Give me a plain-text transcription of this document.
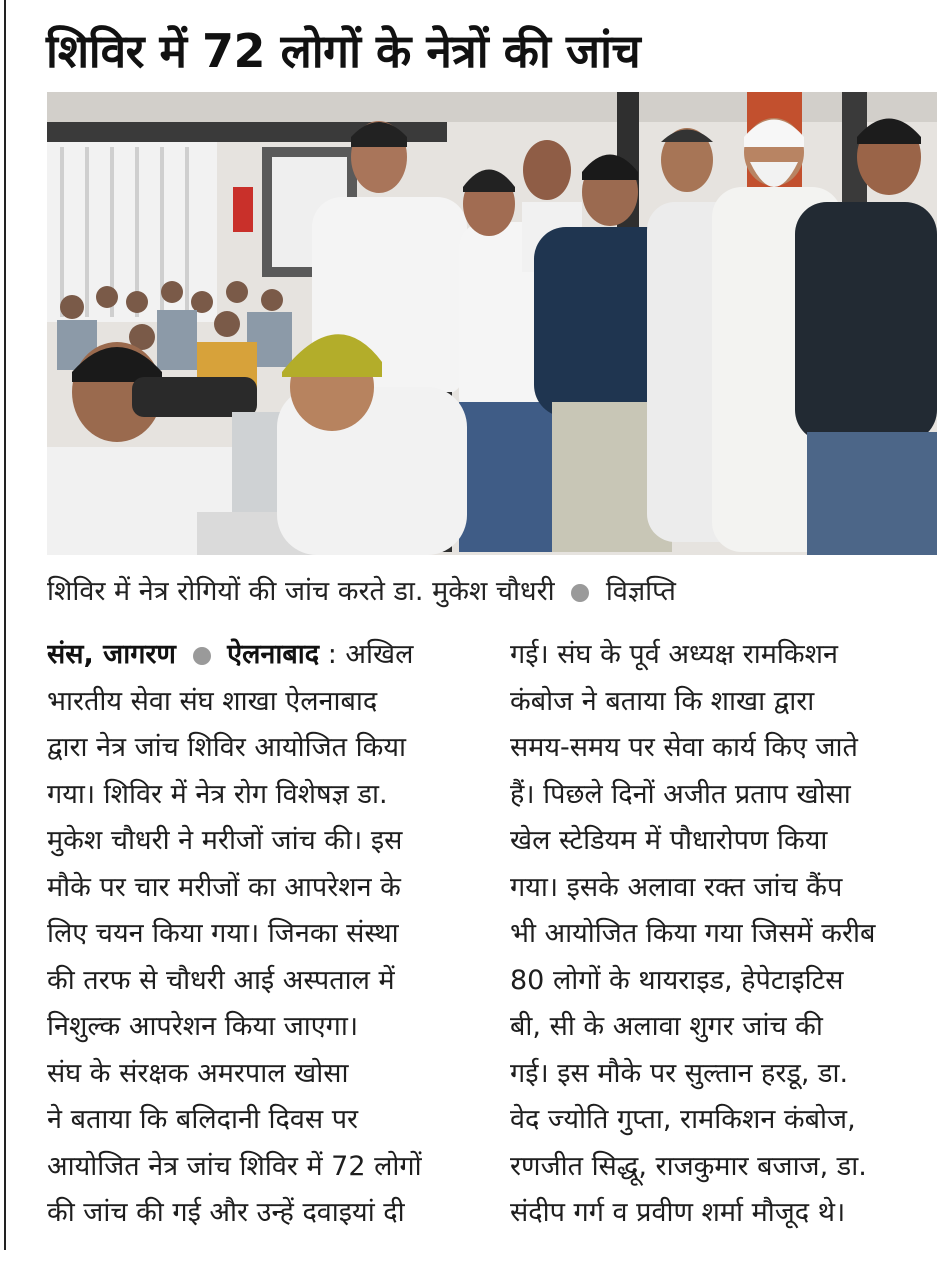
शिविर में 72 लोगों के नेत्रों की जांच
शिविर में नेत्र रोगियों की जांच करते डा. मुकेश चौधरी विज्ञप्ति
संस, जागरण ऐलनाबाद : अखिल
भारतीय सेवा संघ शाखा ऐलनाबाद
द्वारा नेत्र जांच शिविर आयोजित किया
गया। शिविर में नेत्र रोग विशेषज्ञ डा.
मुकेश चौधरी ने मरीजों जांच की। इस
मौके पर चार मरीजों का आपरेशन के
लिए चयन किया गया। जिनका संस्था
की तरफ से चौधरी आई अस्पताल में
निशुल्क आपरेशन किया जाएगा।
संघ के संरक्षक अमरपाल खोसा
ने बताया कि बलिदानी दिवस पर
आयोजित नेत्र जांच शिविर में 72 लोगों
की जांच की गई और उन्हें दवाइयां दी
गई। संघ के पूर्व अध्यक्ष रामकिशन
कंबोज ने बताया कि शाखा द्वारा
समय-समय पर सेवा कार्य किए जाते
हैं। पिछले दिनों अजीत प्रताप खोसा
खेल स्टेडियम में पौधारोपण किया
गया। इसके अलावा रक्त जांच कैंप
भी आयोजित किया गया जिसमें करीब
80 लोगों के थायराइड, हेपेटाइटिस
बी, सी के अलावा शुगर जांच की
गई। इस मौके पर सुल्तान हरडू, डा.
वेद ज्योति गुप्ता, रामकिशन कंबोज,
रणजीत सिद्धू, राजकुमार बजाज, डा.
संदीप गर्ग व प्रवीण शर्मा मौजूद थे।
